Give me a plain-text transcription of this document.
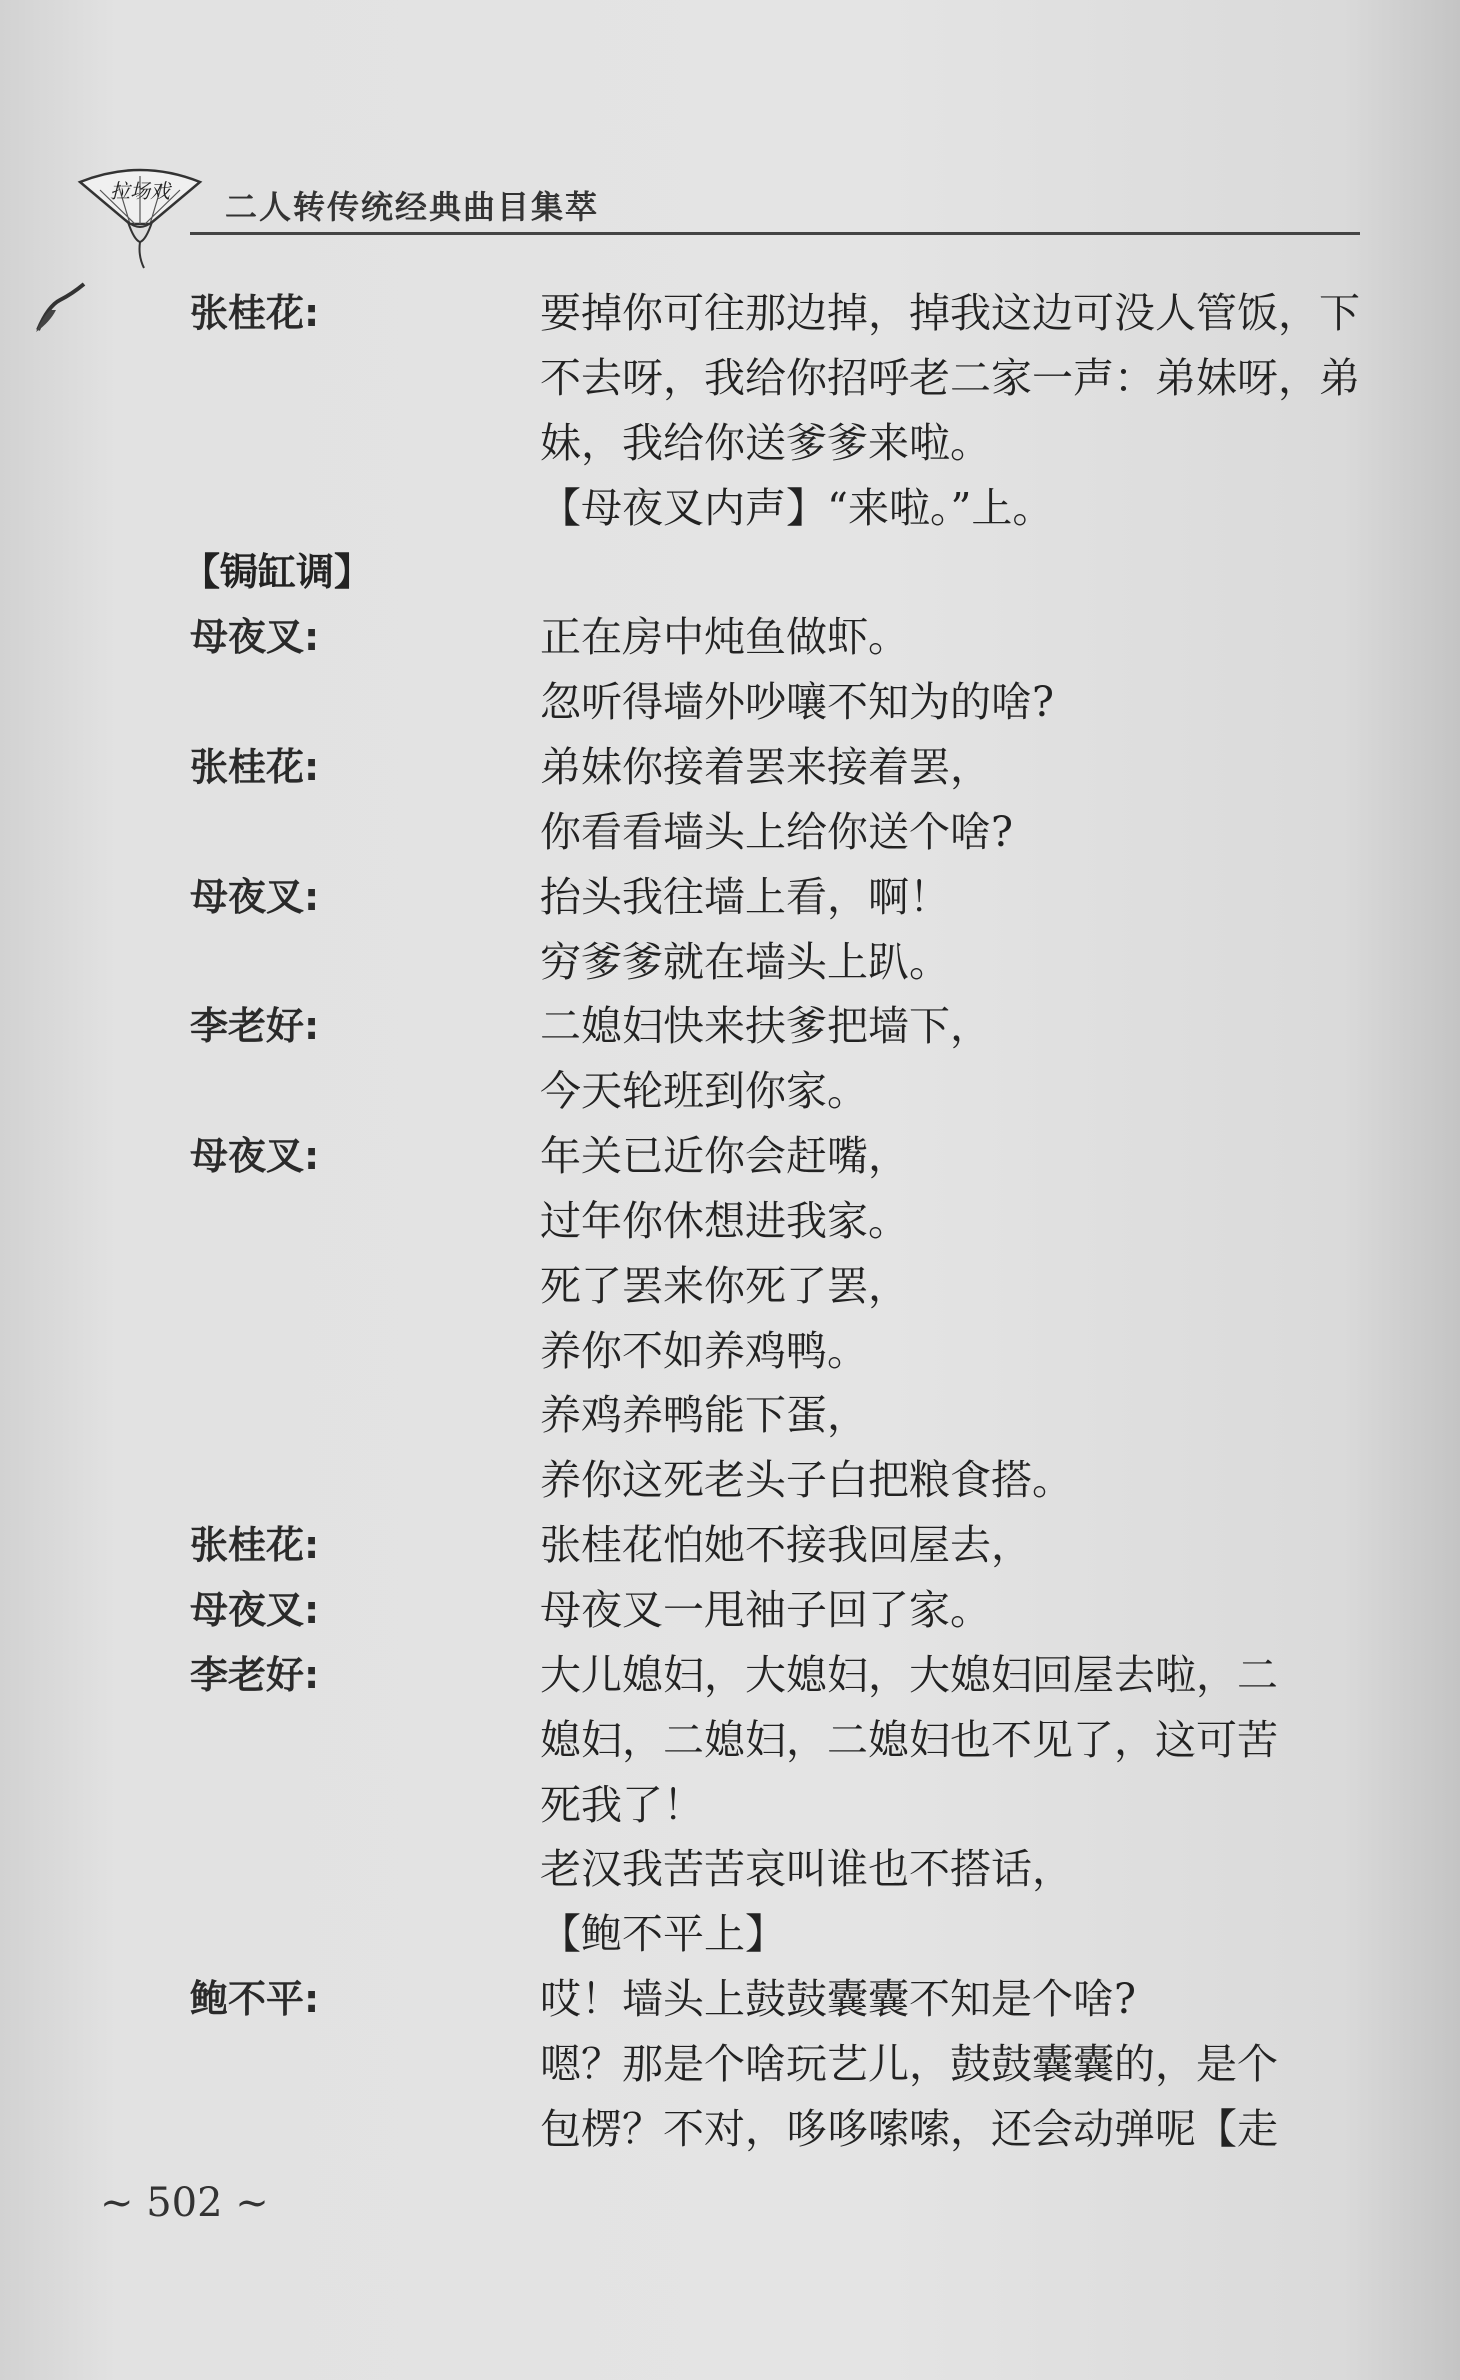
拉场戏 二人转传统经典曲目集萃
张桂花:	要掉你可往那边掉，掉我这边可没人管饭，下
不去呀，我给你招呼老二家一声：弟妹呀，弟
妹，我给你送爹爹来啦。
【母夜叉内声】“来啦。”上。
【锔缸调】
母夜叉:	正在房中炖鱼做虾。
忽听得墙外吵嚷不知为的啥?
张桂花:	弟妹你接着罢来接着罢，
你看看墙头上给你送个啥?
母夜叉:	抬头我往墙上看，啊！
穷爹爹就在墙头上趴。
李老好:	二媳妇快来扶爹把墙下，
今天轮班到你家。
母夜叉:	年关已近你会赶嘴，
过年你休想进我家。
死了罢来你死了罢，
养你不如养鸡鸭。
养鸡养鸭能下蛋，
养你这死老头子白把粮食搭。
张桂花:	张桂花怕她不接我回屋去，
母夜叉:	母夜叉一甩袖子回了家。
李老好:	大儿媳妇，大媳妇，大媳妇回屋去啦，二
媳妇，二媳妇，二媳妇也不见了，这可苦
死我了！
老汉我苦苦哀叫谁也不搭话，
【鲍不平上】
鲍不平:	哎！墙头上鼓鼓囊囊不知是个啥?
嗯？那是个啥玩艺儿，鼓鼓囊囊的，是个
包楞？不对，哆哆嗦嗦，还会动弹呢【走
~ 502 ~
